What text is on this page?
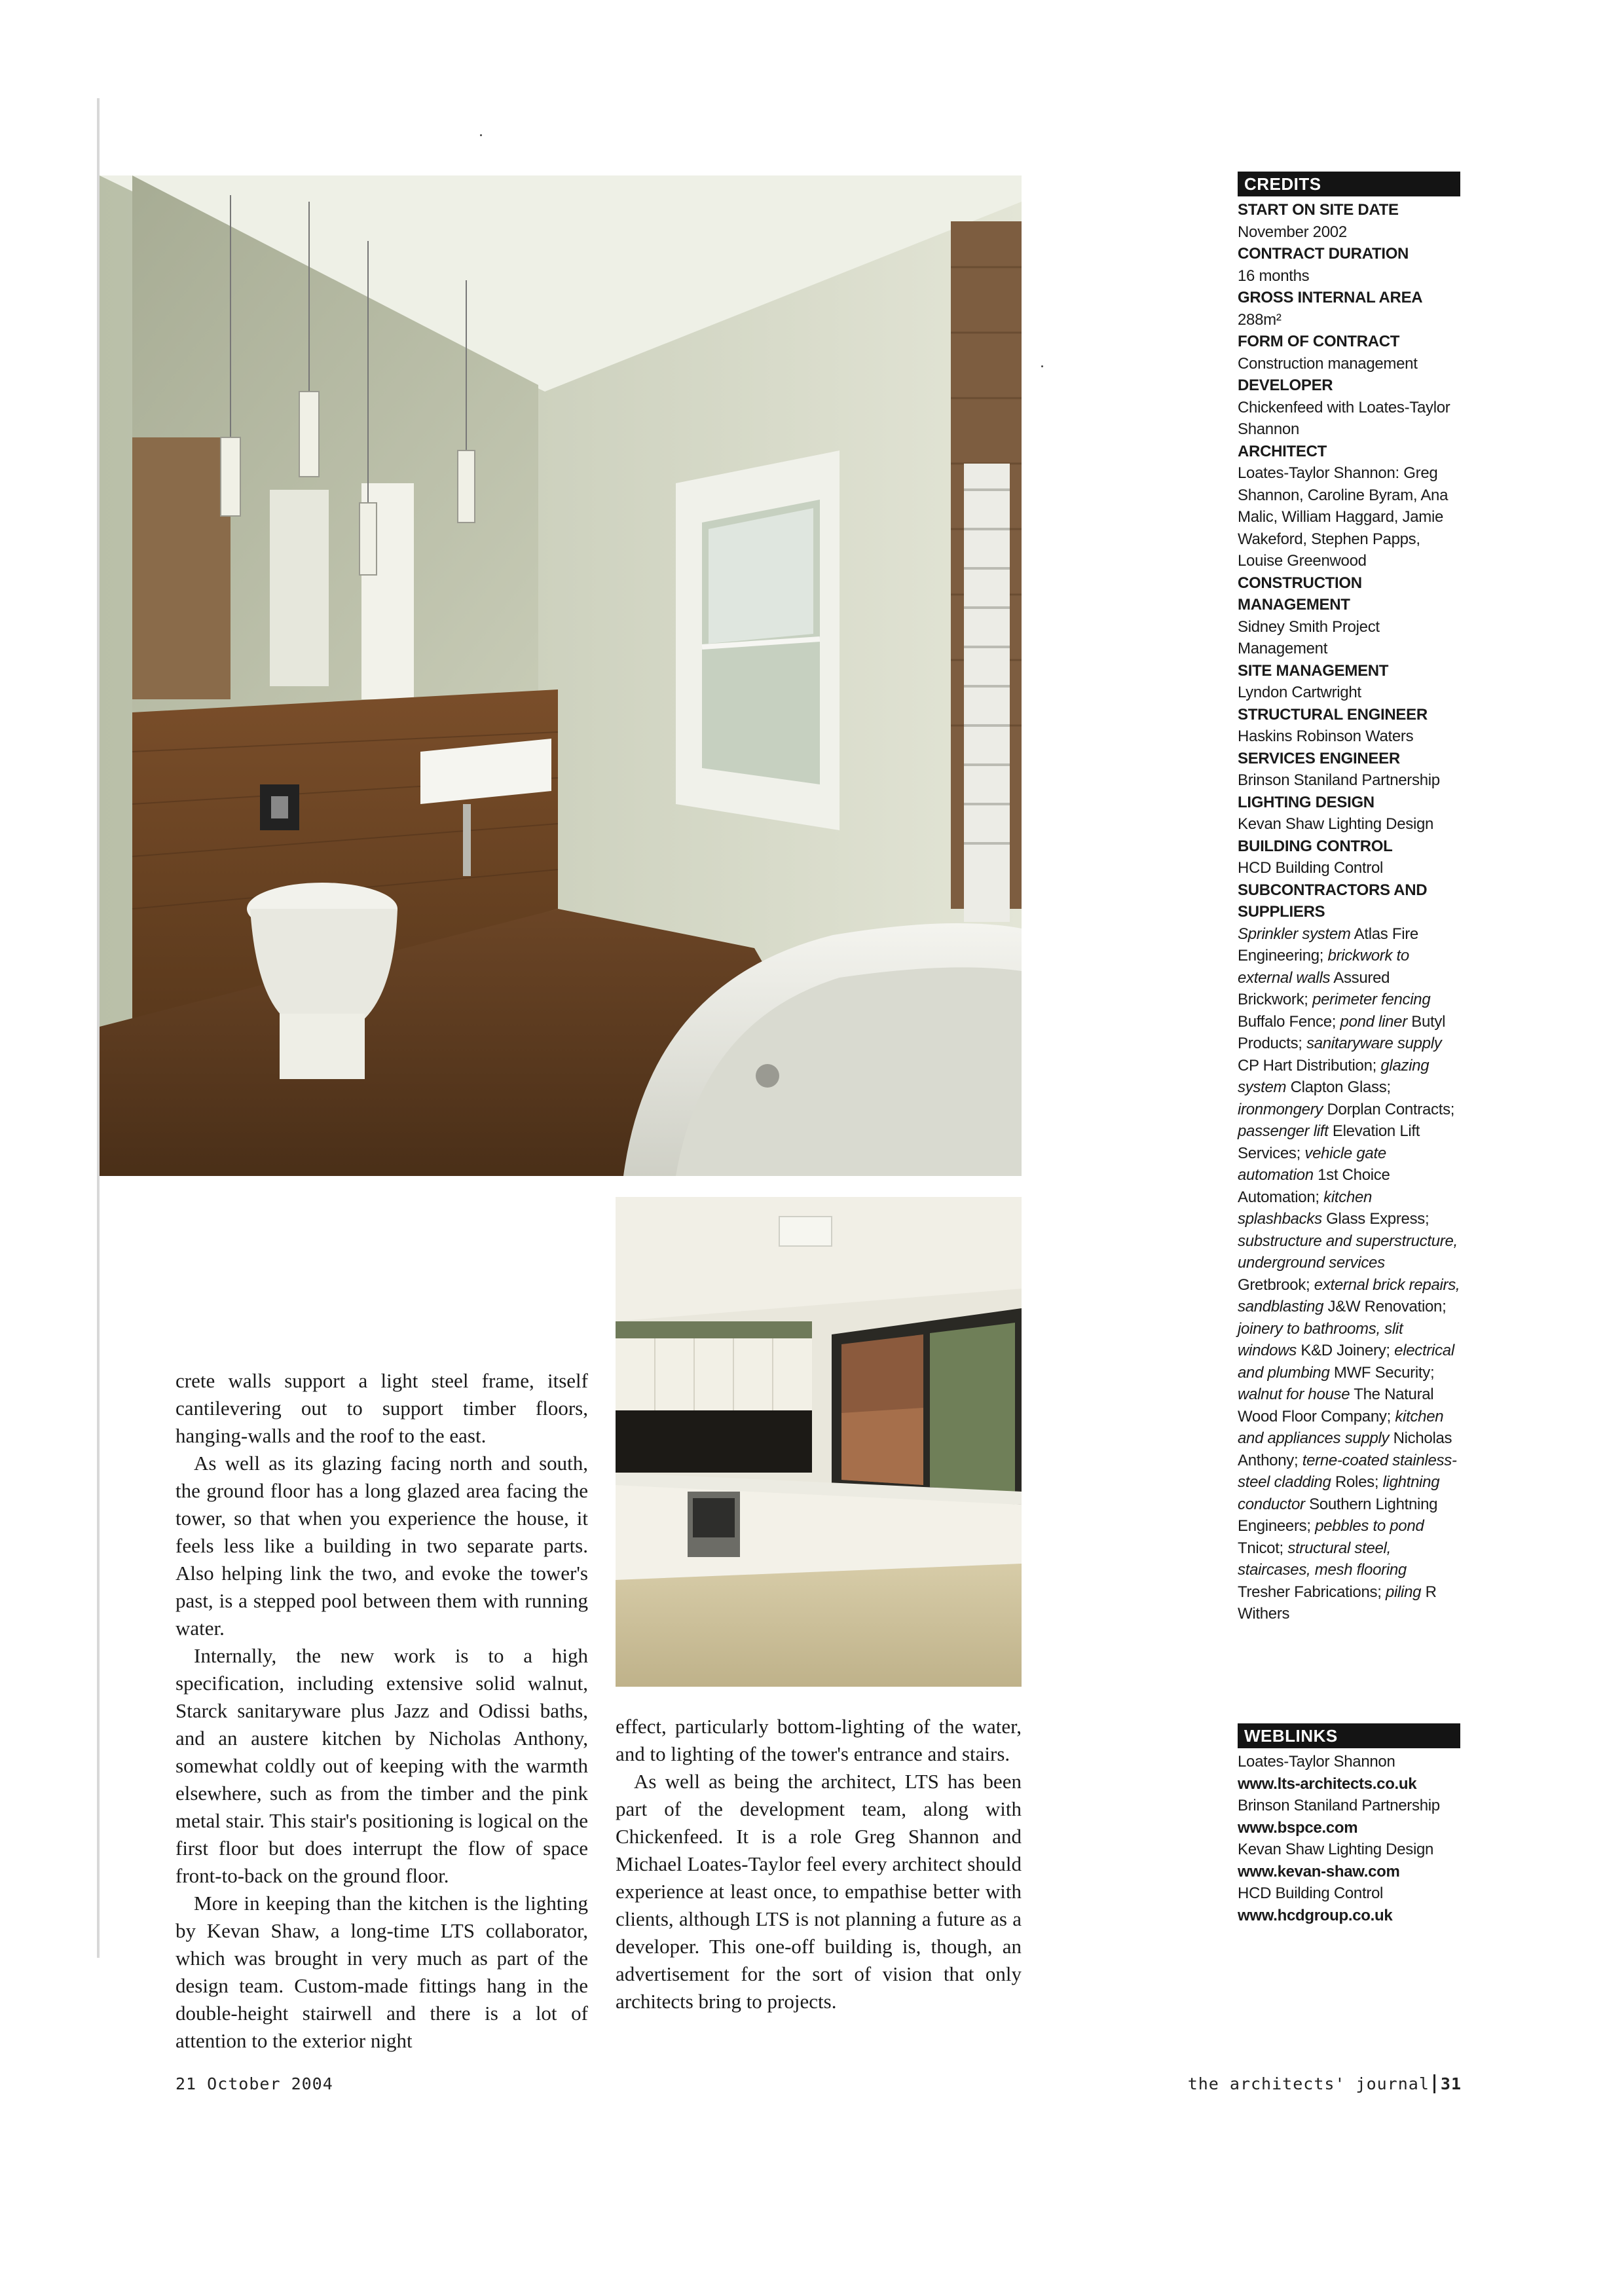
crete walls support a light steel frame, itself cantilevering out to support timber floors, hanging-walls and the roof to the east.

As well as its glazing facing north and south, the ground floor has a long glazed area facing the tower, so that when you experience the house, it feels less like a building in two separate parts. Also helping link the two, and evoke the tower's past, is a stepped pool between them with running water.

Internally, the new work is to a high specification, including extensive solid walnut, Starck sanitaryware plus Jazz and Odissi baths, and an austere kitchen by Nicholas Anthony, somewhat coldly out of keeping with the warmth elsewhere, such as from the timber and the pink metal stair. This stair's positioning is logical on the first floor but does interrupt the flow of space front-to-back on the ground floor.

More in keeping than the kitchen is the lighting by Kevan Shaw, a long-time LTS collaborator, which was brought in very much as part of the design team. Custom-made fittings hang in the double-height stairwell and there is a lot of attention to the exterior night

effect, particularly bottom-lighting of the water, and to lighting of the tower's entrance and stairs.

As well as being the architect, LTS has been part of the development team, along with Chickenfeed. It is a role Greg Shannon and Michael Loates-Taylor feel every architect should experience at least once, to empathise better with clients, although LTS is not planning a future as a developer. This one-off building is, though, an advertisement for the sort of vision that only architects bring to projects.

CREDITS
START ON SITE DATE
November 2002
CONTRACT DURATION
16 months
GROSS INTERNAL AREA
288m²
FORM OF CONTRACT
Construction management
DEVELOPER
Chickenfeed with Loates-Taylor Shannon
ARCHITECT
Loates-Taylor Shannon: Greg Shannon, Caroline Byram, Ana Malic, William Haggard, Jamie Wakeford, Stephen Papps, Louise Greenwood
CONSTRUCTION MANAGEMENT
Sidney Smith Project Management
SITE MANAGEMENT
Lyndon Cartwright
STRUCTURAL ENGINEER
Haskins Robinson Waters
SERVICES ENGINEER
Brinson Staniland Partnership
LIGHTING DESIGN
Kevan Shaw Lighting Design
BUILDING CONTROL
HCD Building Control
SUBCONTRACTORS AND SUPPLIERS
Sprinkler system Atlas Fire Engineering; brickwork to external walls Assured Brickwork; perimeter fencing Buffalo Fence; pond liner Butyl Products; sanitaryware supply CP Hart Distribution; glazing system Clapton Glass; ironmongery Dorplan Contracts; passenger lift Elevation Lift Services; vehicle gate automation 1st Choice Automation; kitchen splashbacks Glass Express; substructure and superstructure, underground services Gretbrook; external brick repairs, sandblasting J&W Renovation; joinery to bathrooms, slit windows K&D Joinery; electrical and plumbing MWF Security; walnut for house The Natural Wood Floor Company; kitchen and appliances supply Nicholas Anthony; terne-coated stainless-steel cladding Roles; lightning conductor Southern Lightning Engineers; pebbles to pond Tnicot; structural steel, staircases, mesh flooring Tresher Fabrications; piling R Withers
WEBLINKS
Loates-Taylor Shannon
www.lts-architects.co.uk
Brinson Staniland Partnership
www.bspce.com
Kevan Shaw Lighting Design
www.kevan-shaw.com
HCD Building Control
www.hcdgroup.co.uk
21 October 2004	the architects' journal 31
